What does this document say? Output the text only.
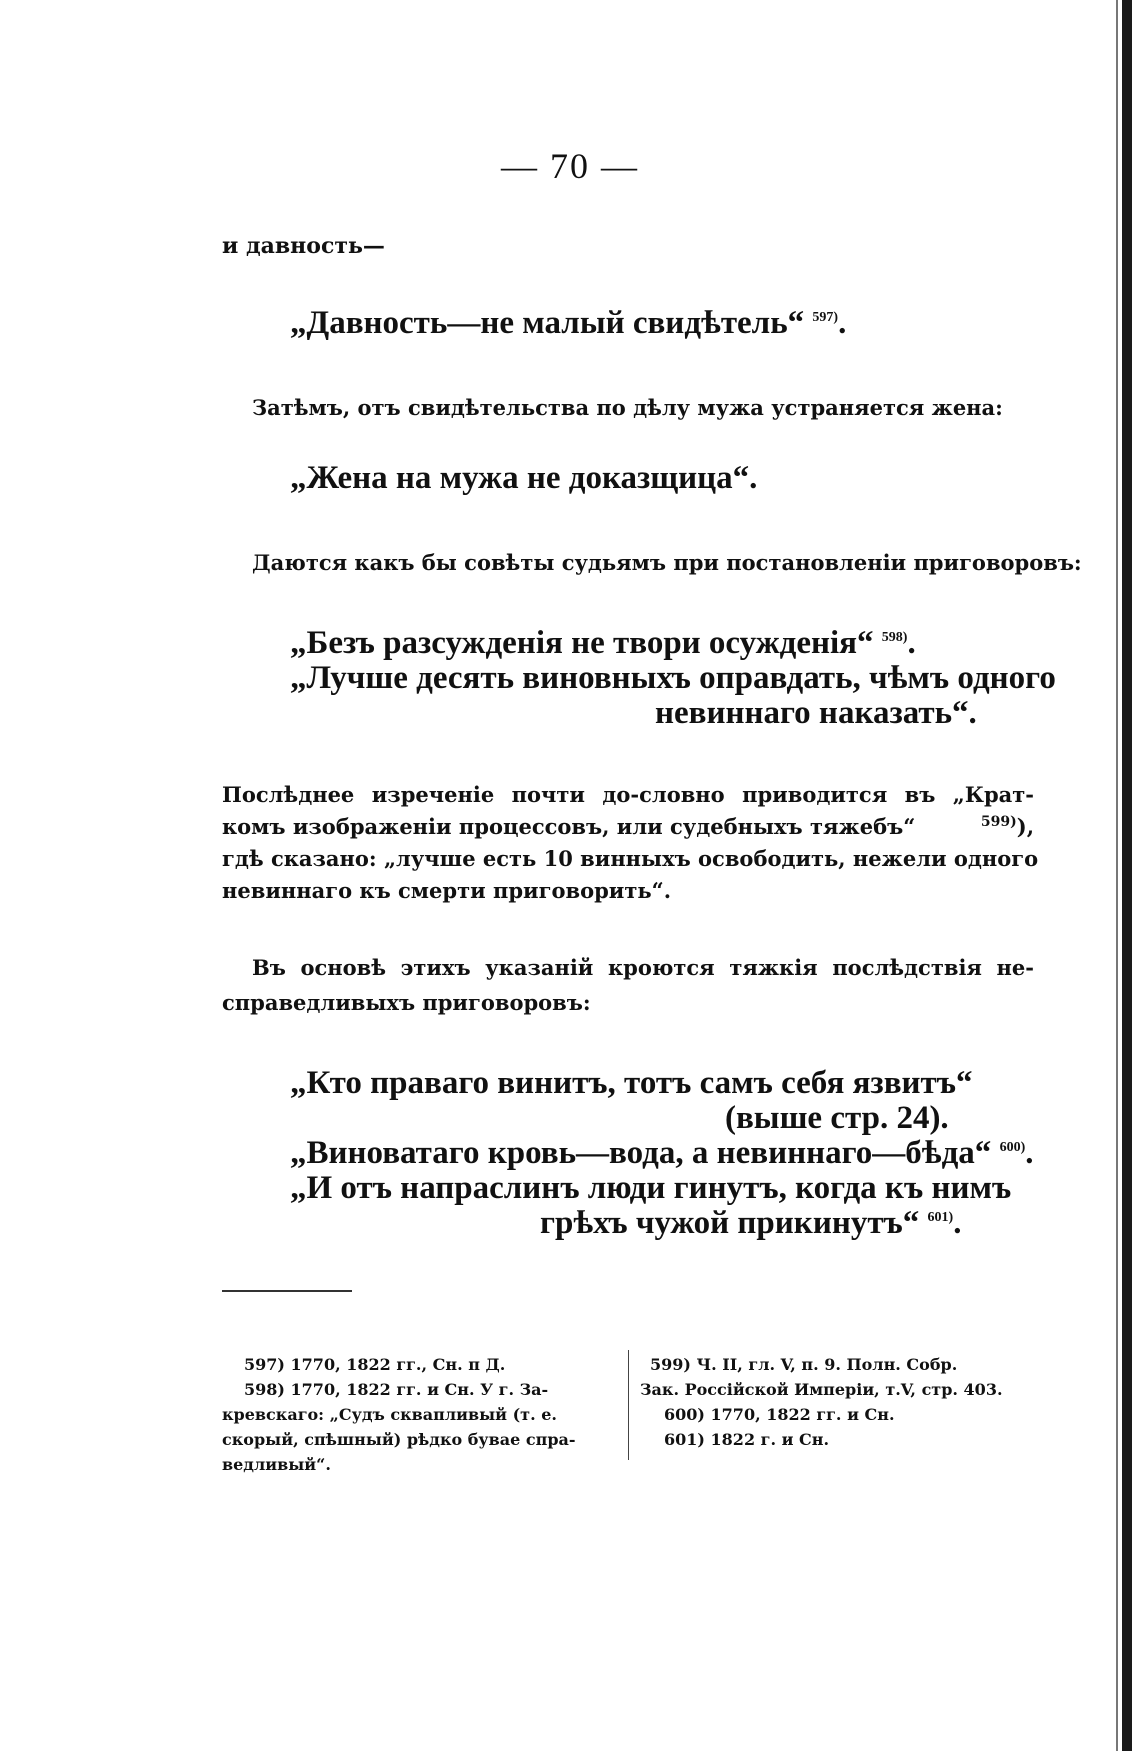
— 70 —
и давность—
„Давность—не малый свидѣтель“ $^{597)}$.
Затѣмъ, отъ свидѣтельства по дѣлу мужа устраняется жена:
„Жена на мужа не доказщица“.
Даются какъ бы совѣты судьямъ при постановленіи приговоровъ:
„Безъ разсужденія не твори осужденія“ $^{598)}$.
„Лучше десять виновныхъ оправдать, чѣмъ одного
невиннаго наказать“.
Послѣднее изреченіе почти до-словно приводится въ „Крат-
комъ изображеніи процессовъ, или судебныхъ тяжебъ“	$^{599)}$),
гдѣ сказано: „лучше есть 10 винныхъ освободить, нежели одного
невиннаго къ смерти приговорить“.
Въ основѣ этихъ указаній кроются тяжкія послѣдствія не-
справедливыхъ приговоровъ:
„Кто праваго винитъ, тотъ самъ себя язвитъ“
(выше стр. 24).
„Виноватаго кровь—вода, а невиннаго—бѣда“ $^{600)}$.
„И отъ напраслинъ люди гинутъ, когда къ нимъ
грѣхъ чужой прикинутъ“ $^{601)}$.
597) 1770, 1822 гг., Сн. п Д.
598) 1770, 1822 гг. и Сн. У г. За-
кревскаго: „Судъ сквапливый (т. е.
скорый, спѣшный) рѣдко бувае спра-
ведливый“.
599) Ч. II, гл. V, п. 9. Полн. Собр.
Зак. Россійской Имперіи, т.V, стр. 403.
600) 1770, 1822 гг. и Сн.
601) 1822 г. и Сн.
